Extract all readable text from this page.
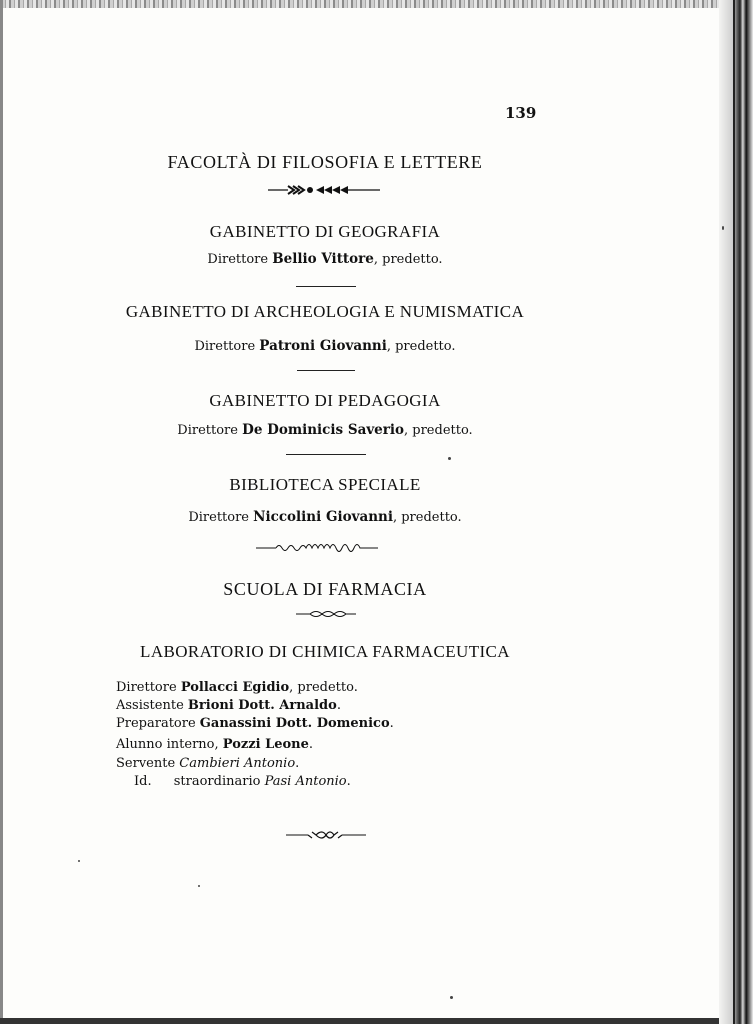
139
FACOLTÀ DI FILOSOFIA E LETTERE
GABINETTO DI GEOGRAFIA
Direttore Bellio Vittore, predetto.
GABINETTO DI ARCHEOLOGIA E NUMISMATICA
Direttore Patroni Giovanni, predetto.
GABINETTO DI PEDAGOGIA
Direttore De Dominicis Saverio, predetto.
BIBLIOTECA SPECIALE
Direttore Niccolini Giovanni, predetto.
SCUOLA DI FARMACIA
LABORATORIO DI CHIMICA FARMACEUTICA
Direttore Pollacci Egidio, predetto.
Assistente Brioni Dott. Arnaldo.
Preparatore Ganassini Dott. Domenico.
Alunno interno, Pozzi Leone.
Servente Cambieri Antonio.
Id. straordinario Pasi Antonio.
